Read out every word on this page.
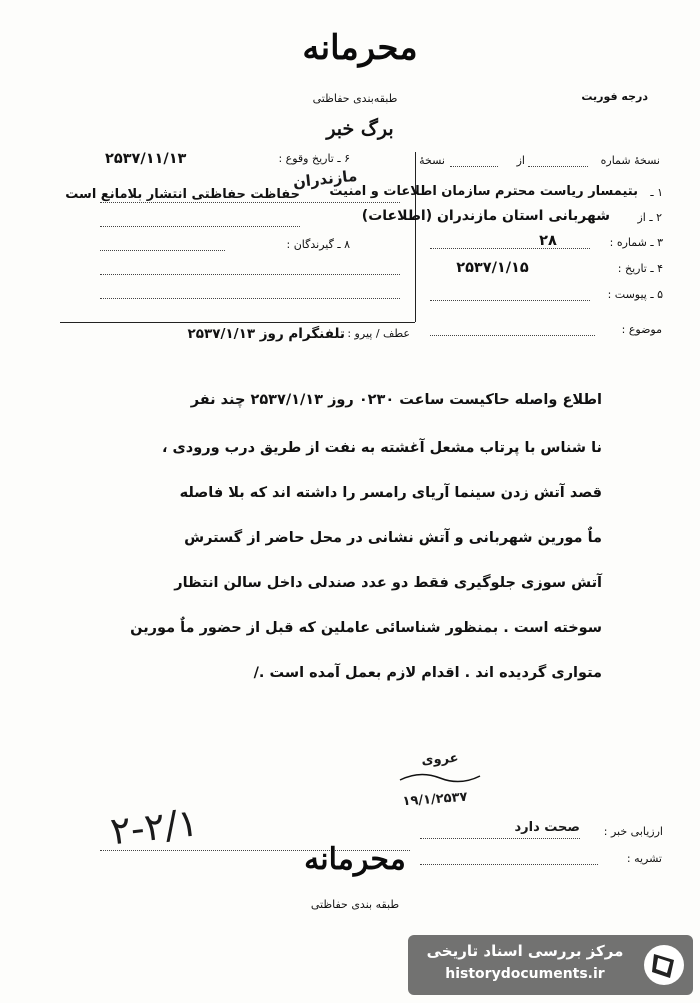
محرمانه
طبقه‌بندی حفاظتی	درجه فوریت
برگ خبر
نسخهٔ شماره
از
نسخهٔ
۶ ـ تاریخ وقوع :
۲۵۳۷/۱۱/۱۳
مازندران
۱ ـ
بتیمسار ریاست محترم سازمان اطلاعات و امنیت
حفاظت حفاظتی انتشار بلامانع است
۲ ـ از
شهربانی استان مازندران (اطلاعات)
۳ ـ شماره :
۲۸
۸ ـ گیرندگان :
۴ ـ تاریخ :
۲۵۳۷/۱/۱۵
۵ ـ پیوست :
موضوع :
عطف / پیرو :
تلفنگرام روز ۲۵۳۷/۱/۱۳
اطلاع واصله حاکیست ساعت ۰۲۳۰ روز ۲۵۳۷/۱/۱۳ چند نفر
نا شناس با پرتاب مشعل آغشته به نفت از طریق درب ورودی ،
قصد آتش زدن سینما آریای رامسر را داشته اند که بلا فاصله
ماٌ مورین شهربانی و آتش نشانی در محل حاضر از گسترش
آتش سوزی جلوگیری فقط دو عدد صندلی داخل سالن انتظار
سوخته است . بمنظور شناسائی عاملین که قبل از حضور ماٌ مورین
متواری گردیده اند . اقدام لازم بعمل آمده است ./
عروی
۱۹/۱/۲۵۳۷
ارزیابی خبر :
صحت دارد
۲-۲/۱
تشریه :
محرمانه
طبقه بندی حفاظتی
مرکز بررسی اسناد تاریخی
historydocuments.ir
